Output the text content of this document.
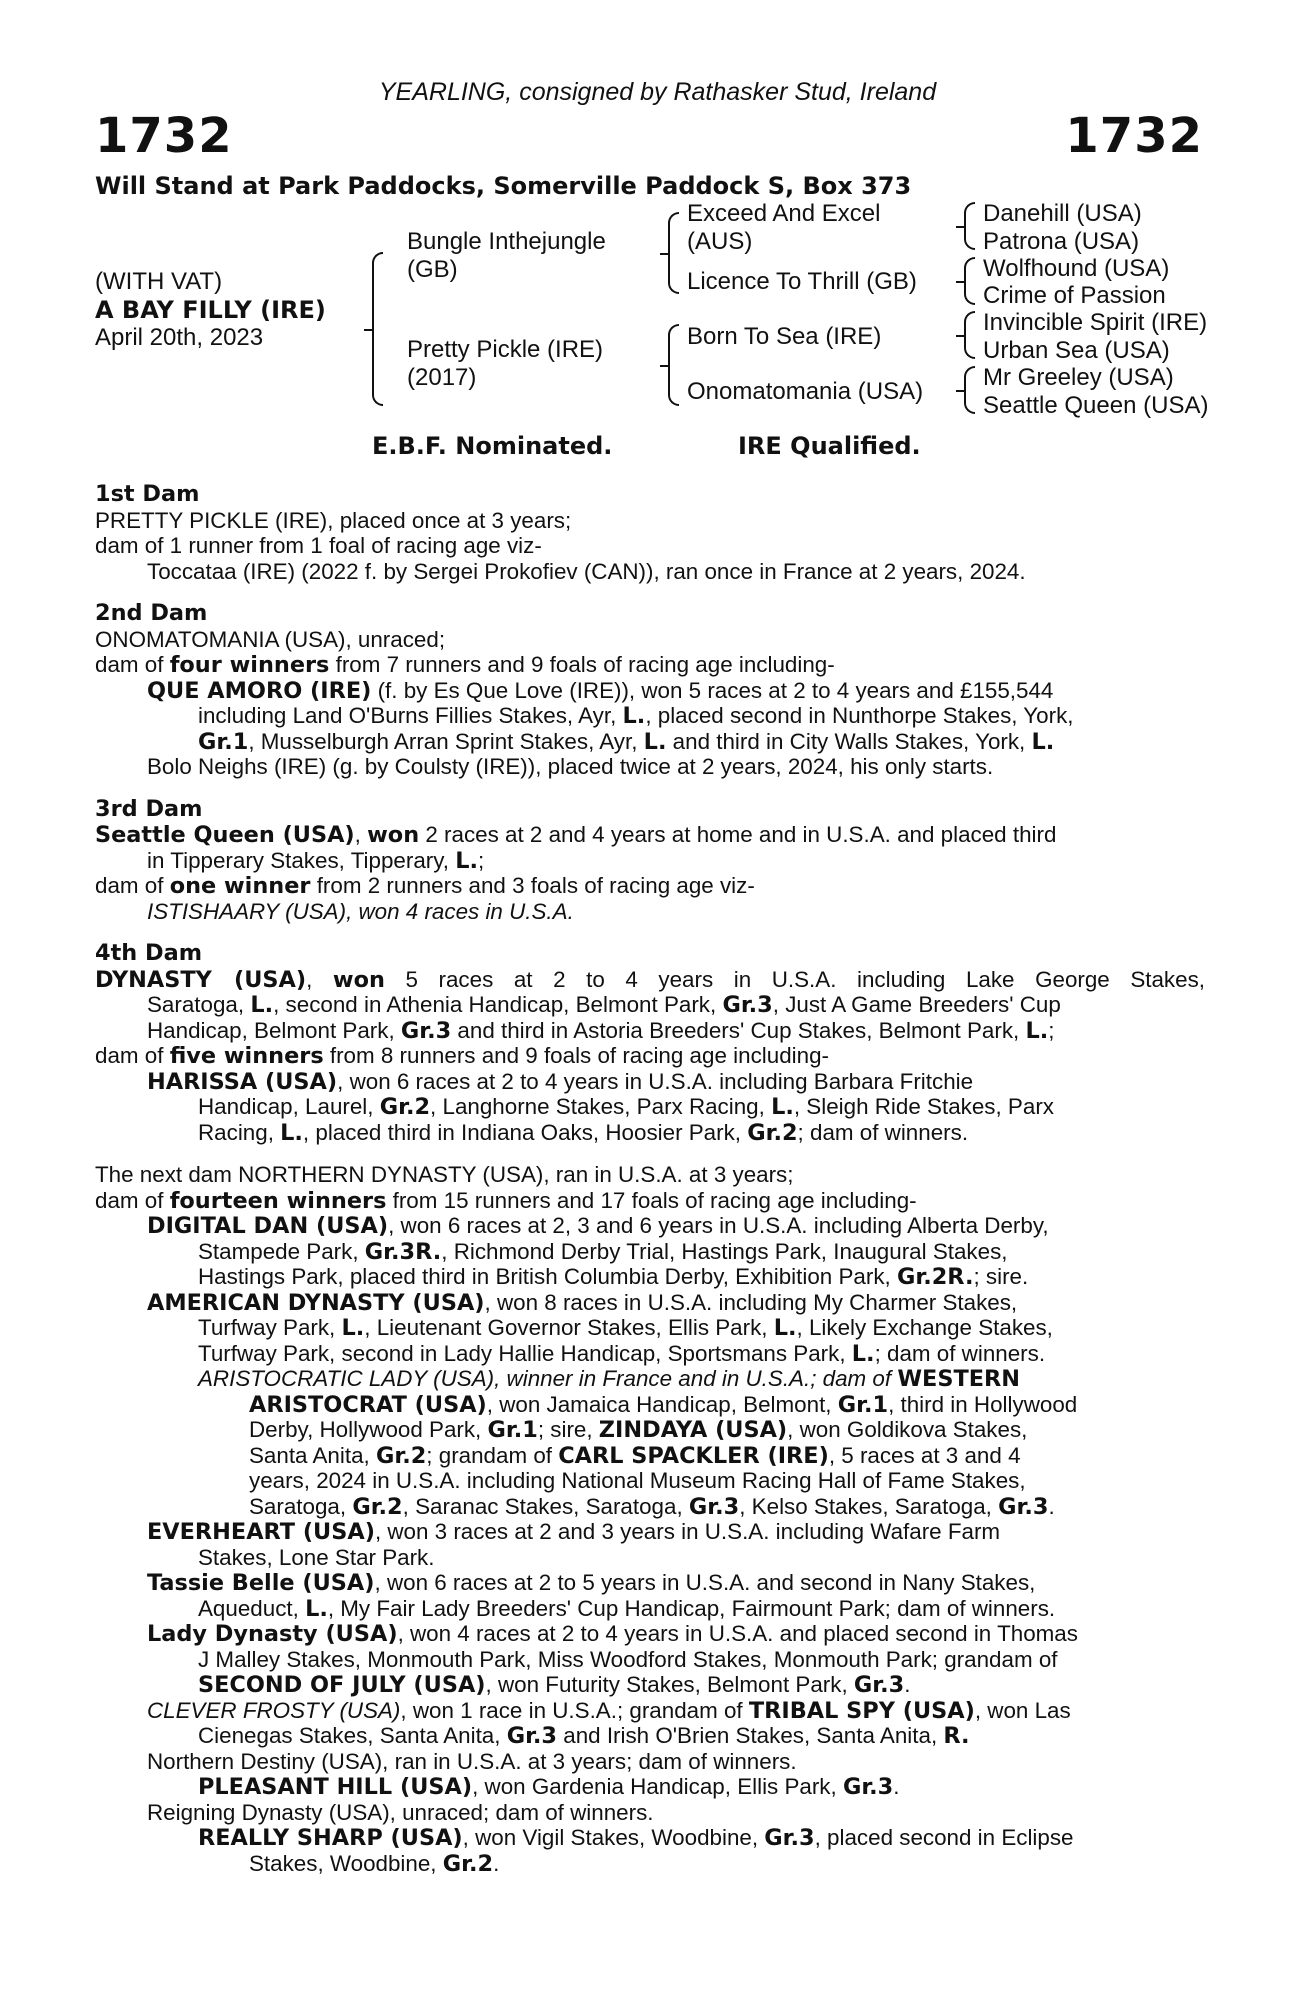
YEARLING, consigned by Rathasker Stud, Ireland
1732	1732
Will Stand at Park Paddocks, Somerville Paddock S, Box 373
(WITH VAT)
A BAY FILLY (IRE)
April 20th, 2023
Bungle Inthejungle
(GB)
Pretty Pickle (IRE)
(2017)
Exceed And Excel
(AUS)
Licence To Thrill (GB)
Born To Sea (IRE)
Onomatomania (USA)
Danehill (USA)
Patrona (USA)
Wolfhound (USA)
Crime of Passion
Invincible Spirit (IRE)
Urban Sea (USA)
Mr Greeley (USA)
Seattle Queen (USA)
E.B.F. Nominated.	IRE Qualified.
1st Dam
PRETTY PICKLE (IRE), placed once at 3 years;
dam of 1 runner from 1 foal of racing age viz-
Toccataa (IRE) (2022 f. by Sergei Prokofiev (CAN)), ran once in France at 2 years, 2024.
2nd Dam
ONOMATOMANIA (USA), unraced;
dam of four winners from 7 runners and 9 foals of racing age including-
QUE AMORO (IRE) (f. by Es Que Love (IRE)), won 5 races at 2 to 4 years and £155,544
including Land O'Burns Fillies Stakes, Ayr, L., placed second in Nunthorpe Stakes, York,
Gr.1, Musselburgh Arran Sprint Stakes, Ayr, L. and third in City Walls Stakes, York, L.
Bolo Neighs (IRE) (g. by Coulsty (IRE)), placed twice at 2 years, 2024, his only starts.
3rd Dam
Seattle Queen (USA), won 2 races at 2 and 4 years at home and in U.S.A. and placed third
in Tipperary Stakes, Tipperary, L.;
dam of one winner from 2 runners and 3 foals of racing age viz-
ISTISHAARY (USA), won 4 races in U.S.A.
4th Dam
DYNASTY (USA), won 5 races at 2 to 4 years in U.S.A. including Lake George Stakes,
Saratoga, L., second in Athenia Handicap, Belmont Park, Gr.3, Just A Game Breeders' Cup
Handicap, Belmont Park, Gr.3 and third in Astoria Breeders' Cup Stakes, Belmont Park, L.;
dam of five winners from 8 runners and 9 foals of racing age including-
HARISSA (USA), won 6 races at 2 to 4 years in U.S.A. including Barbara Fritchie
Handicap, Laurel, Gr.2, Langhorne Stakes, Parx Racing, L., Sleigh Ride Stakes, Parx
Racing, L., placed third in Indiana Oaks, Hoosier Park, Gr.2; dam of winners.
The next dam NORTHERN DYNASTY (USA), ran in U.S.A. at 3 years;
dam of fourteen winners from 15 runners and 17 foals of racing age including-
DIGITAL DAN (USA), won 6 races at 2, 3 and 6 years in U.S.A. including Alberta Derby,
Stampede Park, Gr.3R., Richmond Derby Trial, Hastings Park, Inaugural Stakes,
Hastings Park, placed third in British Columbia Derby, Exhibition Park, Gr.2R.; sire.
AMERICAN DYNASTY (USA), won 8 races in U.S.A. including My Charmer Stakes,
Turfway Park, L., Lieutenant Governor Stakes, Ellis Park, L., Likely Exchange Stakes,
Turfway Park, second in Lady Hallie Handicap, Sportsmans Park, L.; dam of winners.
ARISTOCRATIC LADY (USA), winner in France and in U.S.A.; dam of WESTERN
ARISTOCRAT (USA), won Jamaica Handicap, Belmont, Gr.1, third in Hollywood
Derby, Hollywood Park, Gr.1; sire, ZINDAYA (USA), won Goldikova Stakes,
Santa Anita, Gr.2; grandam of CARL SPACKLER (IRE), 5 races at 3 and 4
years, 2024 in U.S.A. including National Museum Racing Hall of Fame Stakes,
Saratoga, Gr.2, Saranac Stakes, Saratoga, Gr.3, Kelso Stakes, Saratoga, Gr.3.
EVERHEART (USA), won 3 races at 2 and 3 years in U.S.A. including Wafare Farm
Stakes, Lone Star Park.
Tassie Belle (USA), won 6 races at 2 to 5 years in U.S.A. and second in Nany Stakes,
Aqueduct, L., My Fair Lady Breeders' Cup Handicap, Fairmount Park; dam of winners.
Lady Dynasty (USA), won 4 races at 2 to 4 years in U.S.A. and placed second in Thomas
J Malley Stakes, Monmouth Park, Miss Woodford Stakes, Monmouth Park; grandam of
SECOND OF JULY (USA), won Futurity Stakes, Belmont Park, Gr.3.
CLEVER FROSTY (USA), won 1 race in U.S.A.; grandam of TRIBAL SPY (USA), won Las
Cienegas Stakes, Santa Anita, Gr.3 and Irish O'Brien Stakes, Santa Anita, R.
Northern Destiny (USA), ran in U.S.A. at 3 years; dam of winners.
PLEASANT HILL (USA), won Gardenia Handicap, Ellis Park, Gr.3.
Reigning Dynasty (USA), unraced; dam of winners.
REALLY SHARP (USA), won Vigil Stakes, Woodbine, Gr.3, placed second in Eclipse
Stakes, Woodbine, Gr.2.
